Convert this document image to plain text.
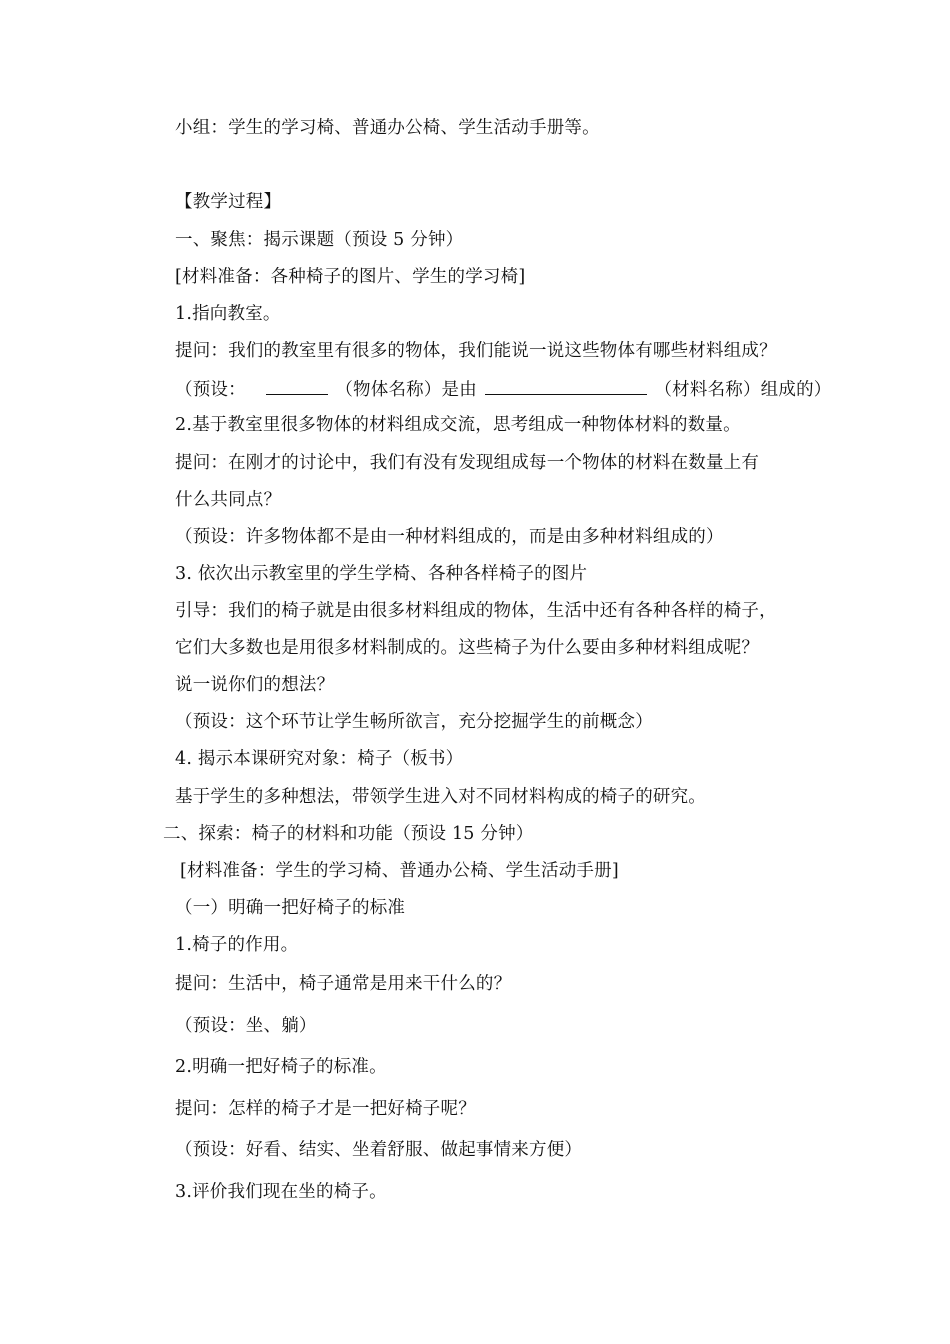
小组：学生的学习椅、普通办公椅、学生活动手册等。
【教学过程】
一、聚焦：揭示课题（预设 5 分钟）
[材料准备：各种椅子的图片、学生的学习椅]
1.指向教室。
提问：我们的教室里有很多的物体，我们能说一说这些物体有哪些材料组成？
（预设：	（物体名称）是由	（材料名称）组成的）
2.基于教室里很多物体的材料组成交流，思考组成一种物体材料的数量。
提问：在刚才的讨论中，我们有没有发现组成每一个物体的材料在数量上有
什么共同点？
（预设：许多物体都不是由一种材料组成的，而是由多种材料组成的）
3. 依次出示教室里的学生学椅、各种各样椅子的图片
引导：我们的椅子就是由很多材料组成的物体，生活中还有各种各样的椅子，
它们大多数也是用很多材料制成的。这些椅子为什么要由多种材料组成呢？
说一说你们的想法？
（预设：这个环节让学生畅所欲言，充分挖掘学生的前概念）
4. 揭示本课研究对象：椅子（板书）
基于学生的多种想法，带领学生进入对不同材料构成的椅子的研究。
二、探索：椅子的材料和功能（预设 15 分钟）
[材料准备：学生的学习椅、普通办公椅、学生活动手册]
（一）明确一把好椅子的标准
1.椅子的作用。
提问：生活中，椅子通常是用来干什么的？
（预设：坐、躺）
2.明确一把好椅子的标准。
提问：怎样的椅子才是一把好椅子呢？
（预设：好看、结实、坐着舒服、做起事情来方便）
3.评价我们现在坐的椅子。
